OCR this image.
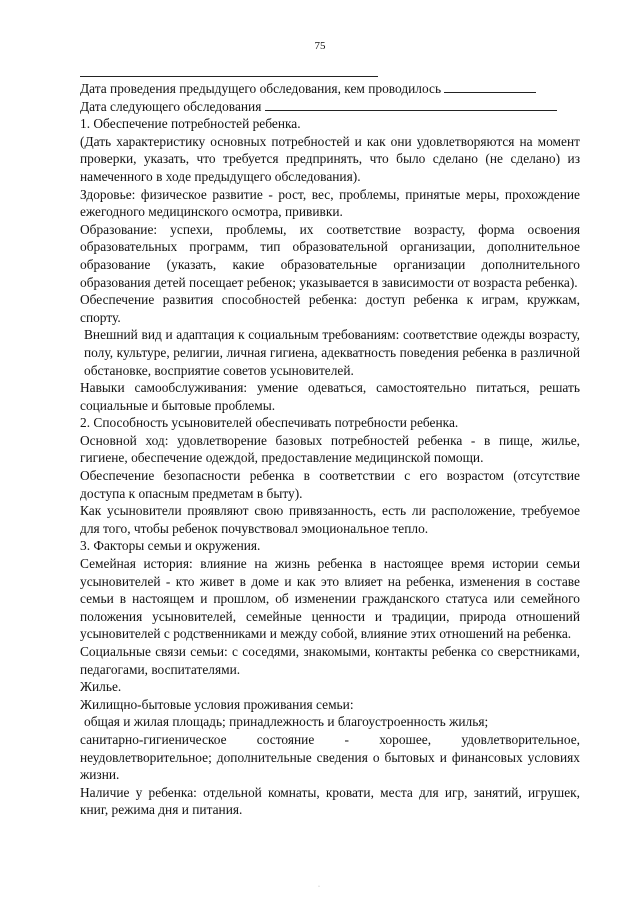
75

Дата проведения предыдущего обследования, кем проводилось

Дата следующего обследования

1. Обеспечение потребностей ребенка.

(Дать характеристику основных потребностей и как они удовлетворяются на момент проверки, указать, что требуется предпринять, что было сделано (не сделано) из намеченного в ходе предыдущего обследования).

Здоровье: физическое развитие - рост, вес, проблемы, принятые меры, прохождение ежегодного медицинского осмотра, прививки.

Образование: успехи, проблемы, их соответствие возрасту, форма освоения образовательных программ, тип образовательной организации, дополнительное образование (указать, какие образовательные организации дополнительного образования детей посещает ребенок; указывается в зависимости от возраста ребенка).

Обеспечение развития способностей ребенка: доступ ребенка к играм, кружкам, спорту.

Внешний вид и адаптация к социальным требованиям: соответствие одежды возрасту, полу, культуре, религии, личная гигиена, адекватность поведения ребенка в различной обстановке, восприятие советов усыновителей.

Навыки самообслуживания: умение одеваться, самостоятельно питаться, решать социальные и бытовые проблемы.

2. Способность усыновителей обеспечивать потребности ребенка.

Основной ход: удовлетворение базовых потребностей ребенка - в пище, жилье, гигиене, обеспечение одеждой, предоставление медицинской помощи.

Обеспечение безопасности ребенка в соответствии с его возрастом (отсутствие доступа к опасным предметам в быту).

Как усыновители проявляют свою привязанность, есть ли расположение, требуемое для того, чтобы ребенок почувствовал эмоциональное тепло.

3. Факторы семьи и окружения.

Семейная история: влияние на жизнь ребенка в настоящее время истории семьи усыновителей - кто живет в доме и как это влияет на ребенка, изменения в составе семьи в настоящем и прошлом, об изменении гражданского статуса или семейного положения усыновителей, семейные ценности и традиции, природа отношений усыновителей с родственниками и между собой, влияние этих отношений на ребенка.

Социальные связи семьи: с соседями, знакомыми, контакты ребенка со сверстниками, педагогами, воспитателями.

Жилье.

Жилищно-бытовые условия проживания семьи:

общая и жилая площадь; принадлежность и благоустроенность жилья;

санитарно-гигиеническое состояние - хорошее, удовлетворительное, неудовлетворительное; дополнительные сведения о бытовых и финансовых условиях жизни.

Наличие у ребенка: отдельной комнаты, кровати, места для игр, занятий, игрушек, книг, режима дня и питания.

·
